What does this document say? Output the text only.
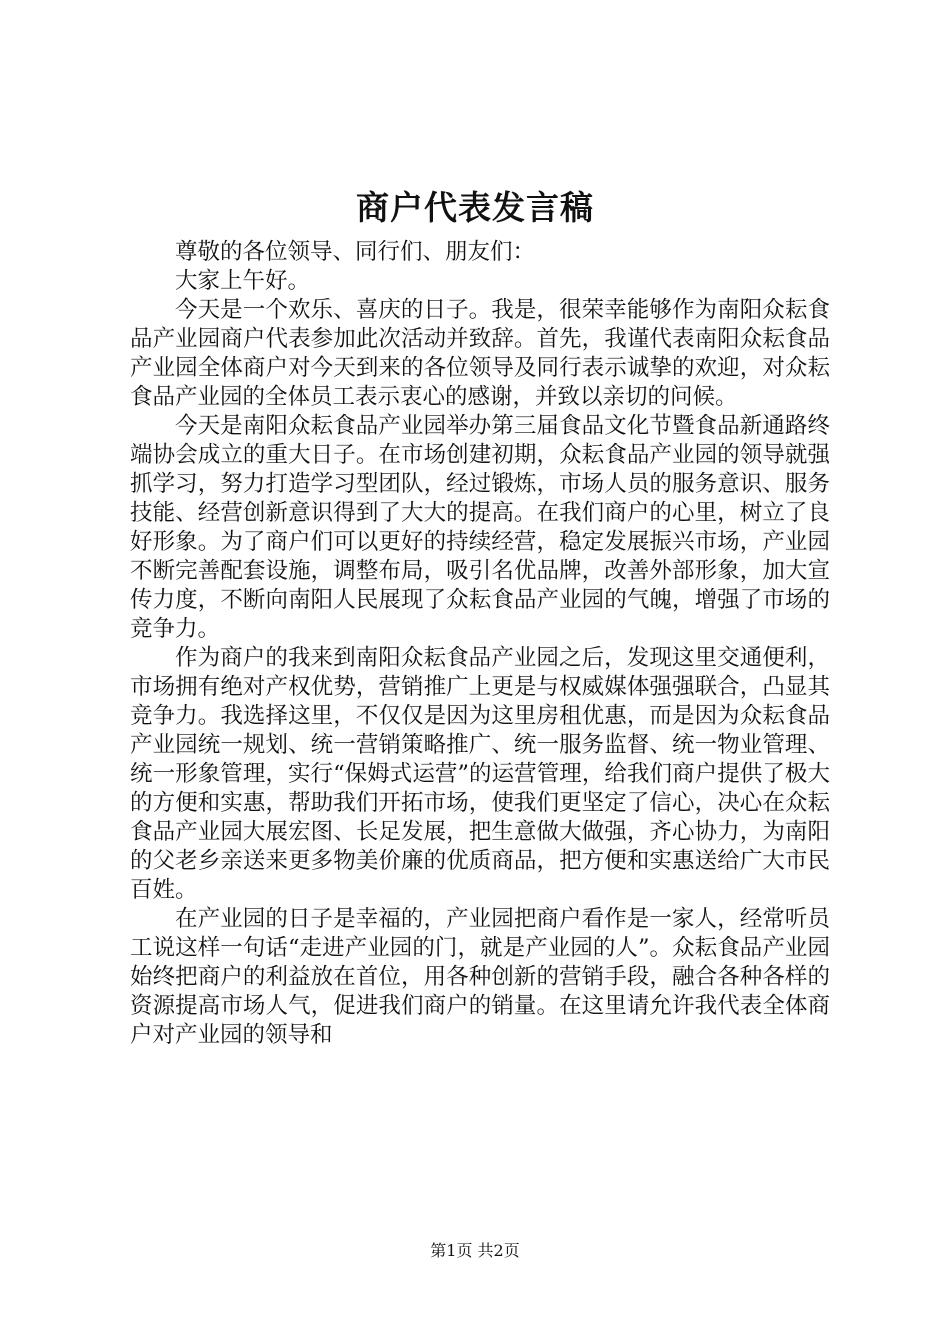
商户代表发言稿

尊敬的各位领导、同行们、朋友们：

大家上午好。

今天是一个欢乐、喜庆的日子。我是，很荣幸能够作为南阳众耘食品产业园商户代表参加此次活动并致辞。首先，我谨代表南阳众耘食品产业园全体商户对今天到来的各位领导及同行表示诚挚的欢迎，对众耘食品产业园的全体员工表示衷心的感谢，并致以亲切的问候。

今天是南阳众耘食品产业园举办第三届食品文化节暨食品新通路终端协会成立的重大日子。在市场创建初期，众耘食品产业园的领导就强抓学习，努力打造学习型团队，经过锻炼，市场人员的服务意识、服务技能、经营创新意识得到了大大的提高。在我们商户的心里，树立了良好形象。为了商户们可以更好的持续经营，稳定发展振兴市场，产业园不断完善配套设施，调整布局，吸引名优品牌，改善外部形象，加大宣传力度，不断向南阳人民展现了众耘食品产业园的气魄，增强了市场的竞争力。

作为商户的我来到南阳众耘食品产业园之后，发现这里交通便利，市场拥有绝对产权优势，营销推广上更是与权威媒体强强联合，凸显其竞争力。我选择这里，不仅仅是因为这里房租优惠，而是因为众耘食品产业园统一规划、统一营销策略推广、统一服务监督、统一物业管理、统一形象管理，实行“保姆式运营”的运营管理，给我们商户提供了极大的方便和实惠，帮助我们开拓市场，使我们更坚定了信心，决心在众耘食品产业园大展宏图、长足发展，把生意做大做强，齐心协力，为南阳的父老乡亲送来更多物美价廉的优质商品，把方便和实惠送给广大市民百姓。

在产业园的日子是幸福的，产业园把商户看作是一家人，经常听员工说这样一句话“走进产业园的门，就是产业园的人”。众耘食品产业园始终把商户的利益放在首位，用各种创新的营销手段，融合各种各样的资源提高市场人气，促进我们商户的销量。在这里请允许我代表全体商户对产业园的领导和

第1页 共2页
